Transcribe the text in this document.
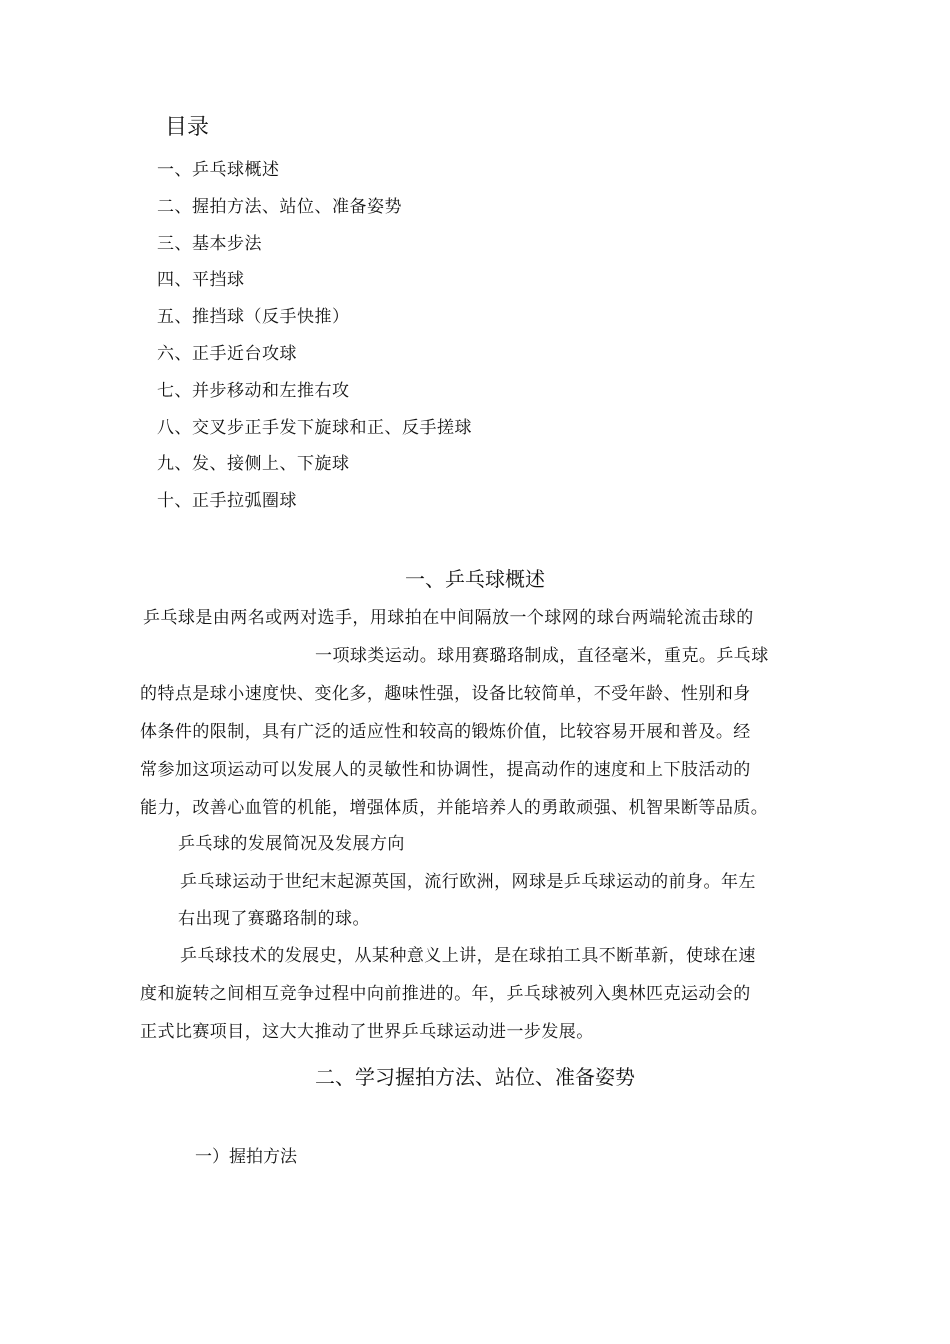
目录
一、乒乓球概述
二、握拍方法、站位、准备姿势
三、基本步法
四、平挡球
五、推挡球（反手快推）
六、正手近台攻球
七、并步移动和左推右攻
八、交叉步正手发下旋球和正、反手搓球
九、发、接侧上、下旋球
十、正手拉弧圈球
一、乒乓球概述
乒乓球是由两名或两对选手，用球拍在中间隔放一个球网的球台两端轮流击球的
一项球类运动。球用赛璐珞制成，直径毫米，重克。乒乓球
的特点是球小速度快、变化多，趣味性强，设备比较简单，不受年龄、性别和身
体条件的限制，具有广泛的适应性和较高的锻炼价值，比较容易开展和普及。经
常参加这项运动可以发展人的灵敏性和协调性，提高动作的速度和上下肢活动的
能力，改善心血管的机能，增强体质，并能培养人的勇敢顽强、机智果断等品质。
乒乓球的发展简况及发展方向
乒乓球运动于世纪末起源英国，流行欧洲，网球是乒乓球运动的前身。年左
右出现了赛璐珞制的球。
乒乓球技术的发展史，从某种意义上讲，是在球拍工具不断革新，使球在速
度和旋转之间相互竞争过程中向前推进的。年，乒乓球被列入奥林匹克运动会的
正式比赛项目，这大大推动了世界乒乓球运动进一步发展。
二、学习握拍方法、站位、准备姿势
一）握拍方法
